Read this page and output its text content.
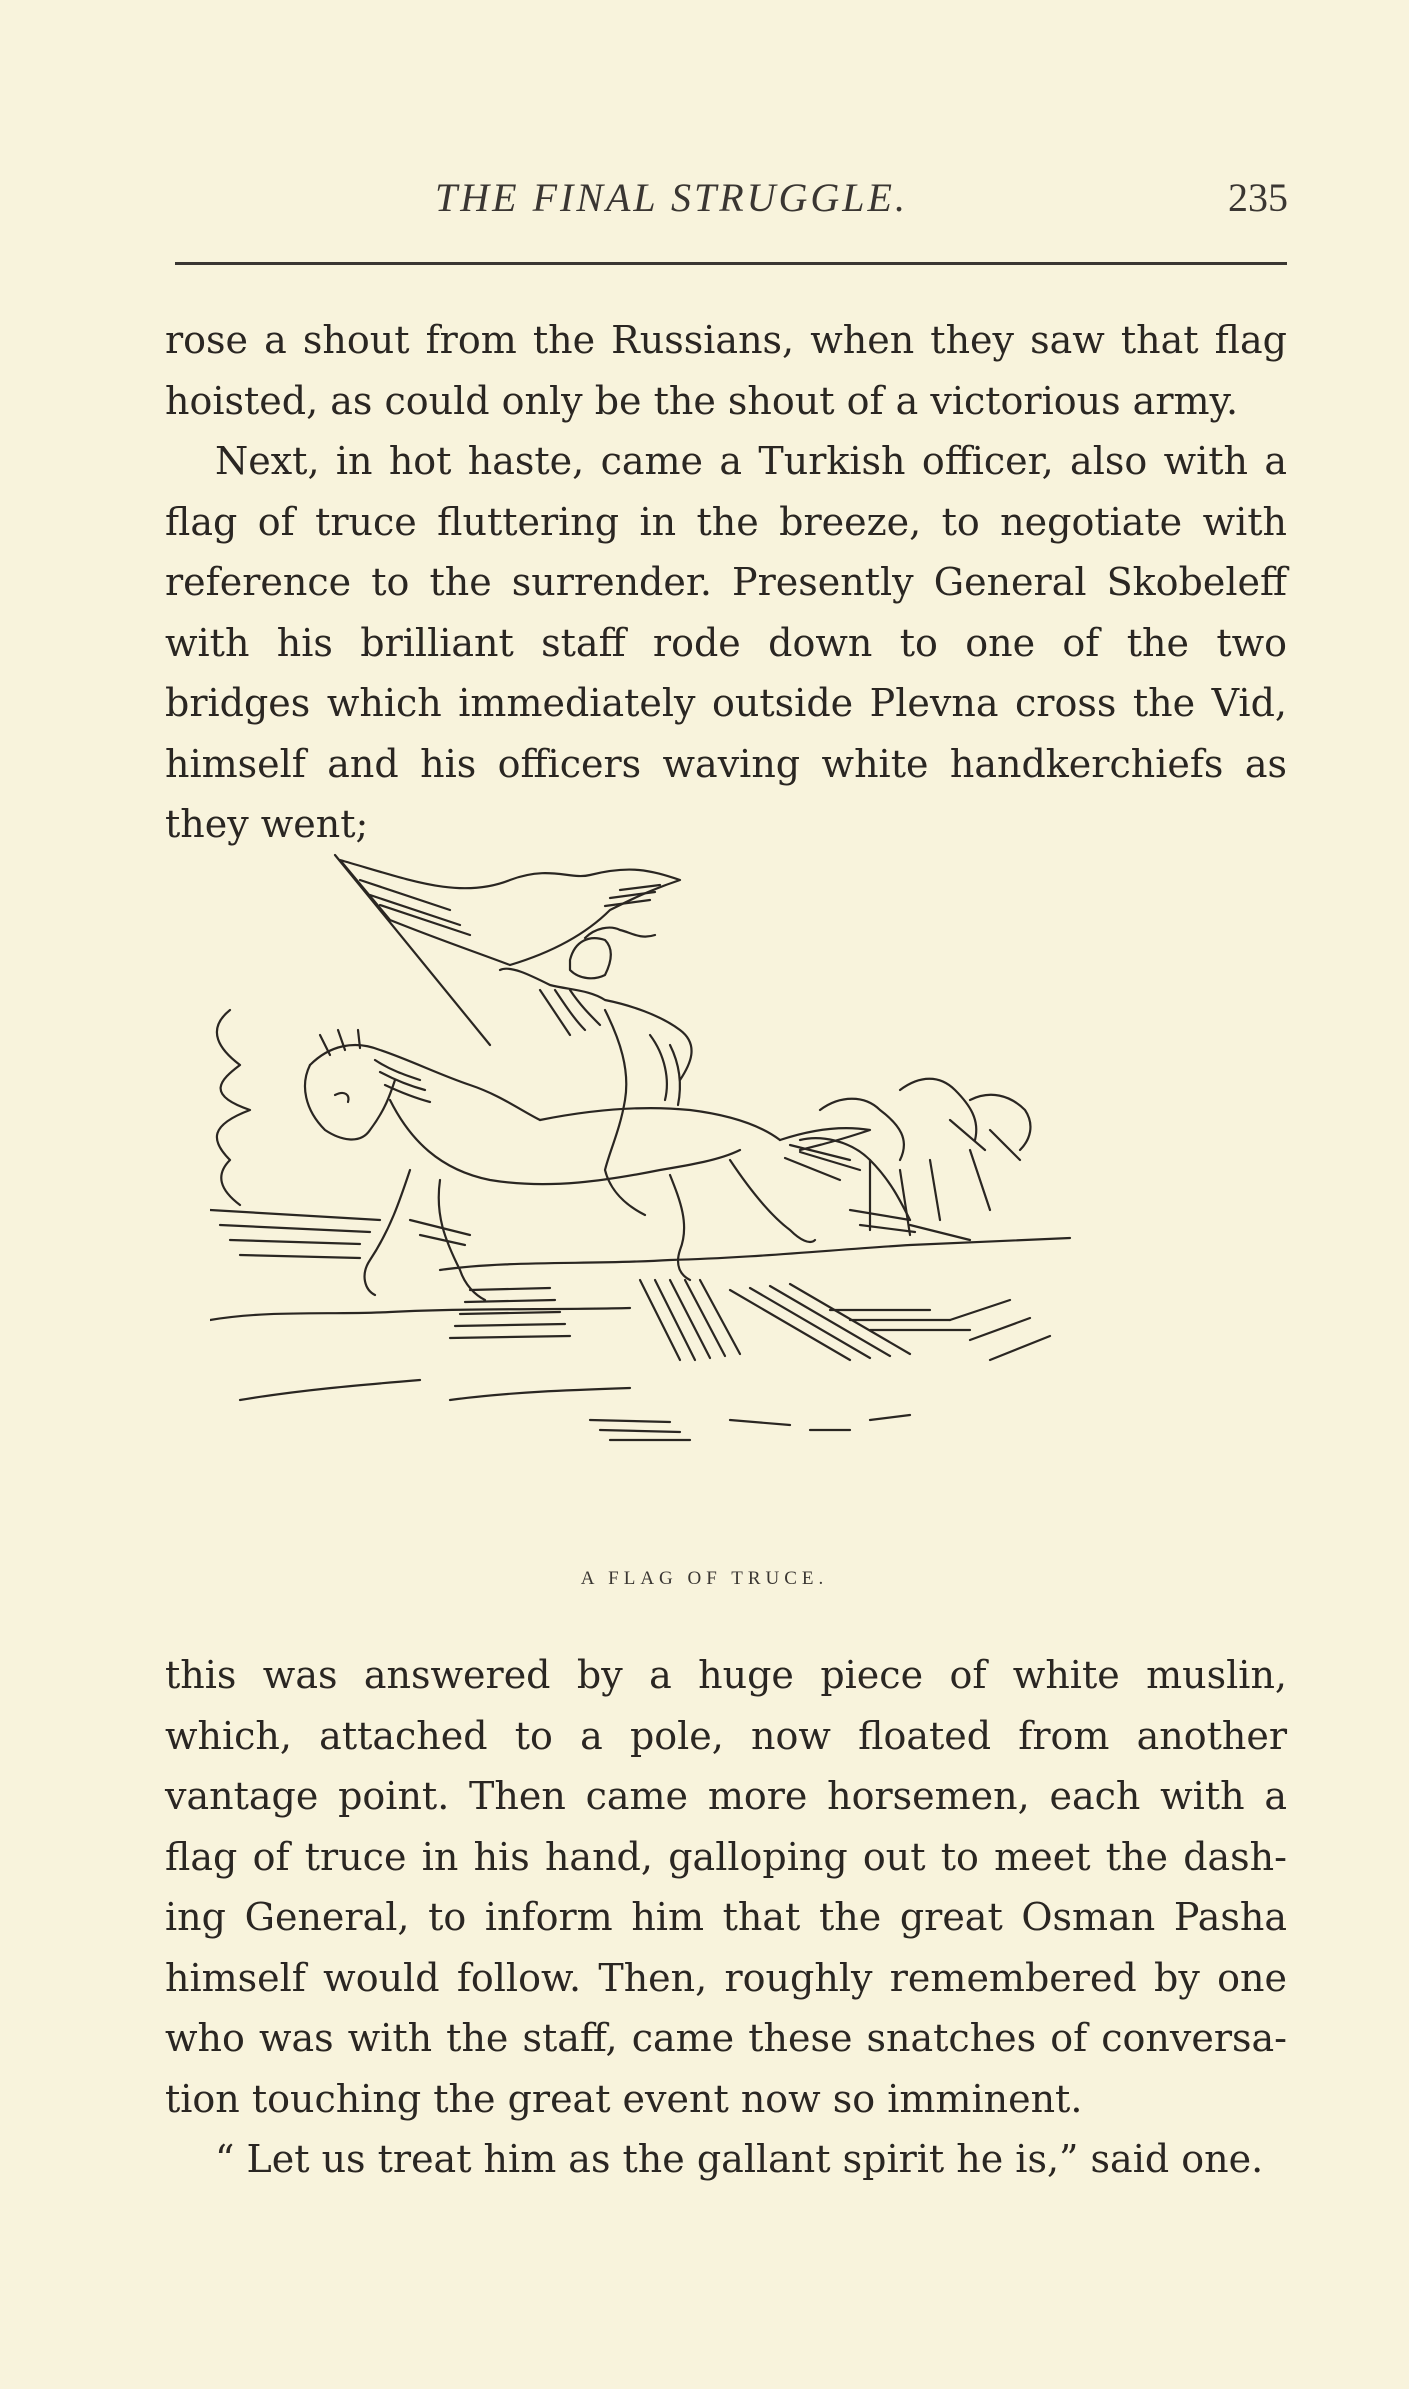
THE FINAL STRUGGLE.	235

rose a shout from the Russians, when they saw that flag hoisted, as could only be the shout of a victorious army.

Next, in hot haste, came a Turkish officer, also with a flag of truce fluttering in the breeze, to negotiate with reference to the surrender. Presently General Skobeleff with his brilliant staff rode down to one of the two bridges which immediately outside Plevna cross the Vid, himself and his officers waving white handkerchiefs as they went;

A FLAG OF TRUCE.

this was answered by a huge piece of white muslin, which, attached to a pole, now floated from another vantage point. Then came more horsemen, each with a flag of truce in his hand, galloping out to meet the dashing General, to inform him that the great Osman Pasha himself would follow. Then, roughly remembered by one who was with the staff, came these snatches of conversation touching the great event now so imminent.

“ Let us treat him as the gallant spirit he is,” said one.
